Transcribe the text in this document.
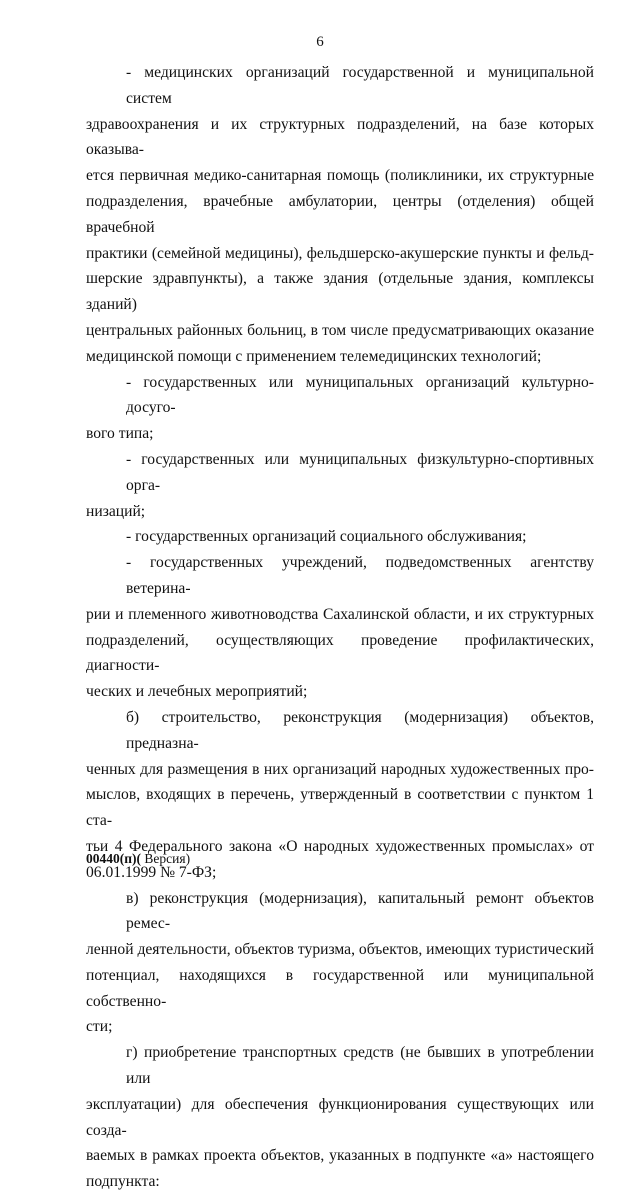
6
- медицинских организаций государственной и муниципальной систем
здравоохранения и их структурных подразделений, на базе которых оказыва-
ется первичная медико-санитарная помощь (поликлиники, их структурные
подразделения, врачебные амбулатории, центры (отделения) общей врачебной
практики (семейной медицины), фельдшерско-акушерские пункты и фельд-
шерские здравпункты), а также здания (отдельные здания, комплексы зданий)
центральных районных больниц, в том числе предусматривающих оказание
медицинской помощи с применением телемедицинских технологий;
- государственных или муниципальных организаций культурно-досуго-
вого типа;
- государственных или муниципальных физкультурно-спортивных орга-
низаций;
- государственных организаций социального обслуживания;
- государственных учреждений, подведомственных агентству ветерина-
рии и племенного животноводства Сахалинской области, и их структурных
подразделений, осуществляющих проведение профилактических, диагности-
ческих и лечебных мероприятий;
б) строительство, реконструкция (модернизация) объектов, предназна-
ченных для размещения в них организаций народных художественных про-
мыслов, входящих в перечень, утвержденный в соответствии с пунктом 1 ста-
тьи 4 Федерального закона «О народных художественных промыслах» от
06.01.1999 № 7-ФЗ;
в) реконструкция (модернизация), капитальный ремонт объектов ремес-
ленной деятельности, объектов туризма, объектов, имеющих туристический
потенциал, находящихся в государственной или муниципальной собственно-
сти;
г) приобретение транспортных средств (не бывших в употреблении или
эксплуатации) для обеспечения функционирования существующих или созда-
ваемых в рамках проекта объектов, указанных в подпункте «а» настоящего
подпункта:
00440(п)( Версия)
